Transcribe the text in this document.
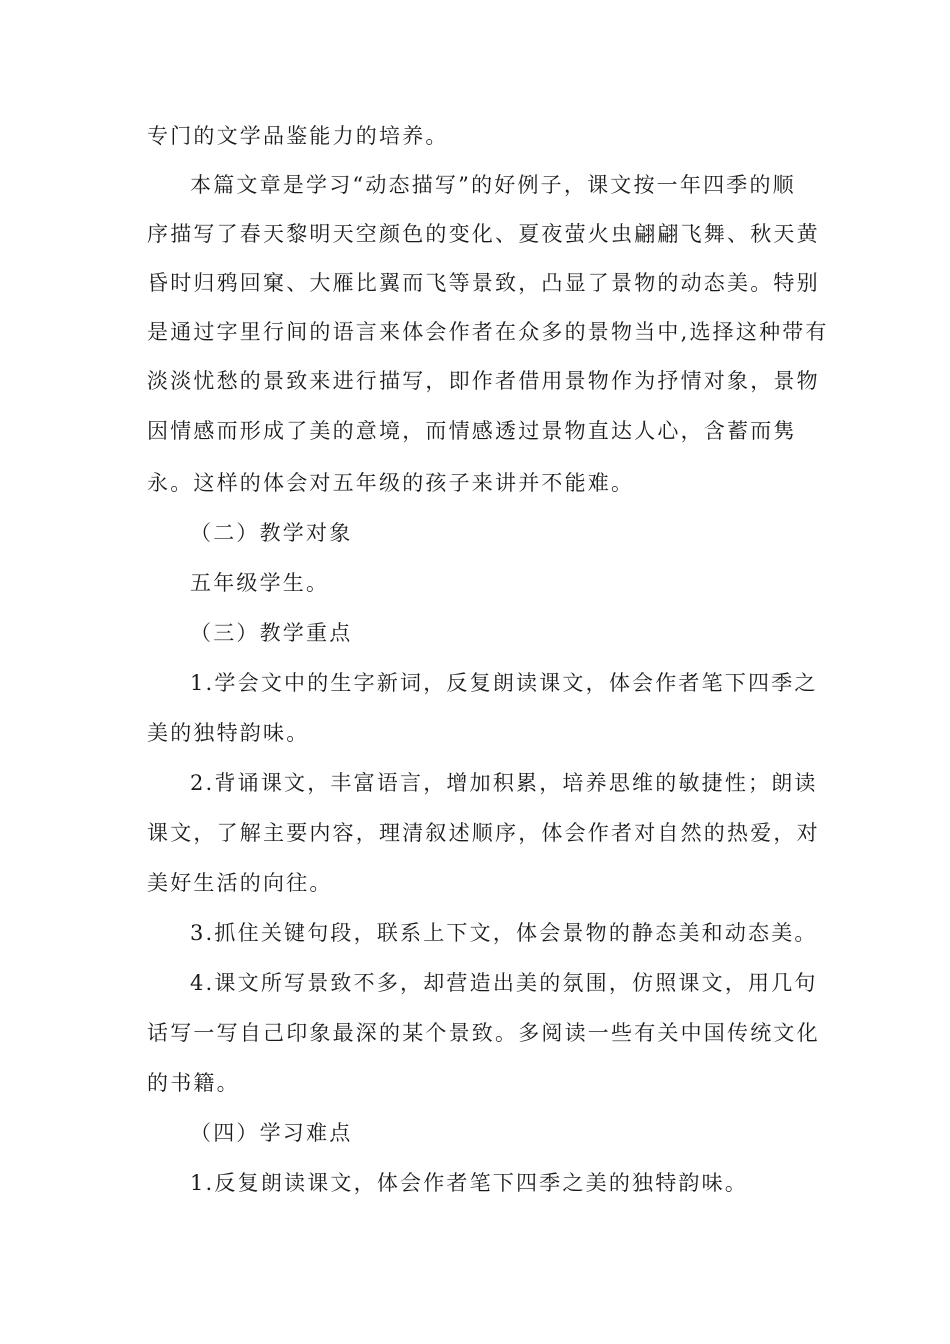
专门的文学品鉴能力的培养。
本篇文章是学习“动态描写”的好例子，课文按一年四季的顺
序描写了春天黎明天空颜色的变化、夏夜萤火虫翩翩飞舞、秋天黄
昏时归鸦回窠、大雁比翼而飞等景致，凸显了景物的动态美。特别
是通过字里行间的语言来体会作者在众多的景物当中,选择这种带有
淡淡忧愁的景致来进行描写，即作者借用景物作为抒情对象，景物
因情感而形成了美的意境，而情感透过景物直达人心，含蓄而隽
永。这样的体会对五年级的孩子来讲并不能难。
（二）教学对象
五年级学生。
（三）教学重点
1.学会文中的生字新词，反复朗读课文，体会作者笔下四季之
美的独特韵味。
2.背诵课文，丰富语言，增加积累，培养思维的敏捷性；朗读
课文，了解主要内容，理清叙述顺序，体会作者对自然的热爱，对
美好生活的向往。
3.抓住关键句段，联系上下文，体会景物的静态美和动态美。
4.课文所写景致不多，却营造出美的氛围，仿照课文，用几句
话写一写自己印象最深的某个景致。多阅读一些有关中国传统文化
的书籍。
（四）学习难点
1.反复朗读课文，体会作者笔下四季之美的独特韵味。
